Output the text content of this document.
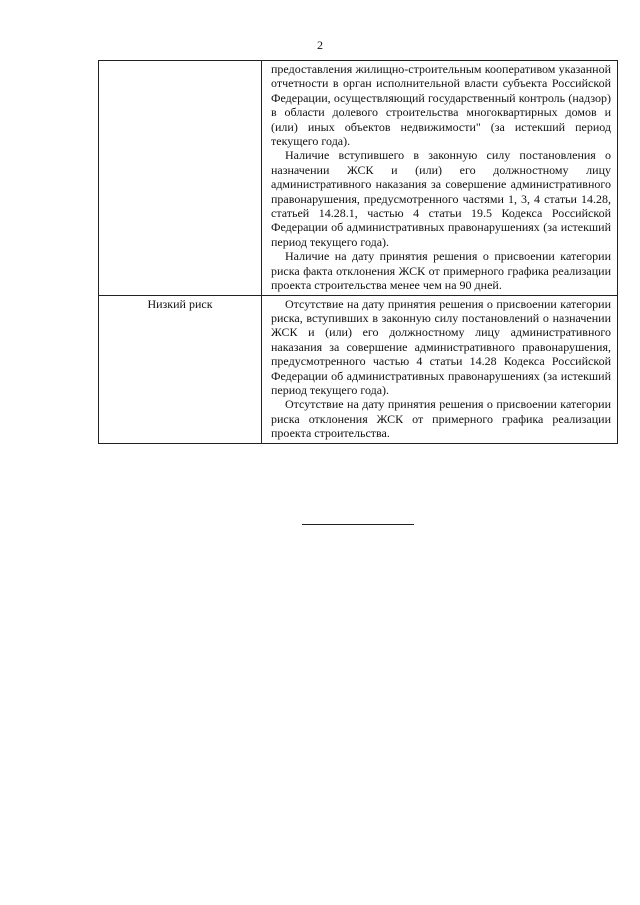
2

	предоставления жилищно-строительным кооперативом указанной отчетности в орган исполнительной власти субъекта Российской Федерации, осуществляющий государственный контроль (надзор) в области долевого строительства многоквартирных домов и (или) иных объектов недвижимости" (за истекший период текущего года).

Наличие вступившего в законную силу постановления о назначении ЖСК и (или) его должностному лицу административного наказания за совершение административного правонарушения, предусмотренного частями 1, 3, 4 статьи 14.28, статьей 14.28.1, частью 4 статьи 19.5 Кодекса Российской Федерации об административных правонарушениях (за истекший период текущего года).

Наличие на дату принятия решения о присвоении категории риска факта отклонения ЖСК от примерного графика реализации проекта строительства менее чем на 90 дней.

Низкий риск	Отсутствие на дату принятия решения о присвоении категории риска, вступивших в законную силу постановлений о назначении ЖСК и (или) его должностному лицу административного наказания за совершение административного правонарушения, предусмотренного частью 4 статьи 14.28 Кодекса Российской Федерации об административных правонарушениях (за истекший период текущего года).

Отсутствие на дату принятия решения о присвоении категории риска отклонения ЖСК от примерного графика реализации проекта строительства.
